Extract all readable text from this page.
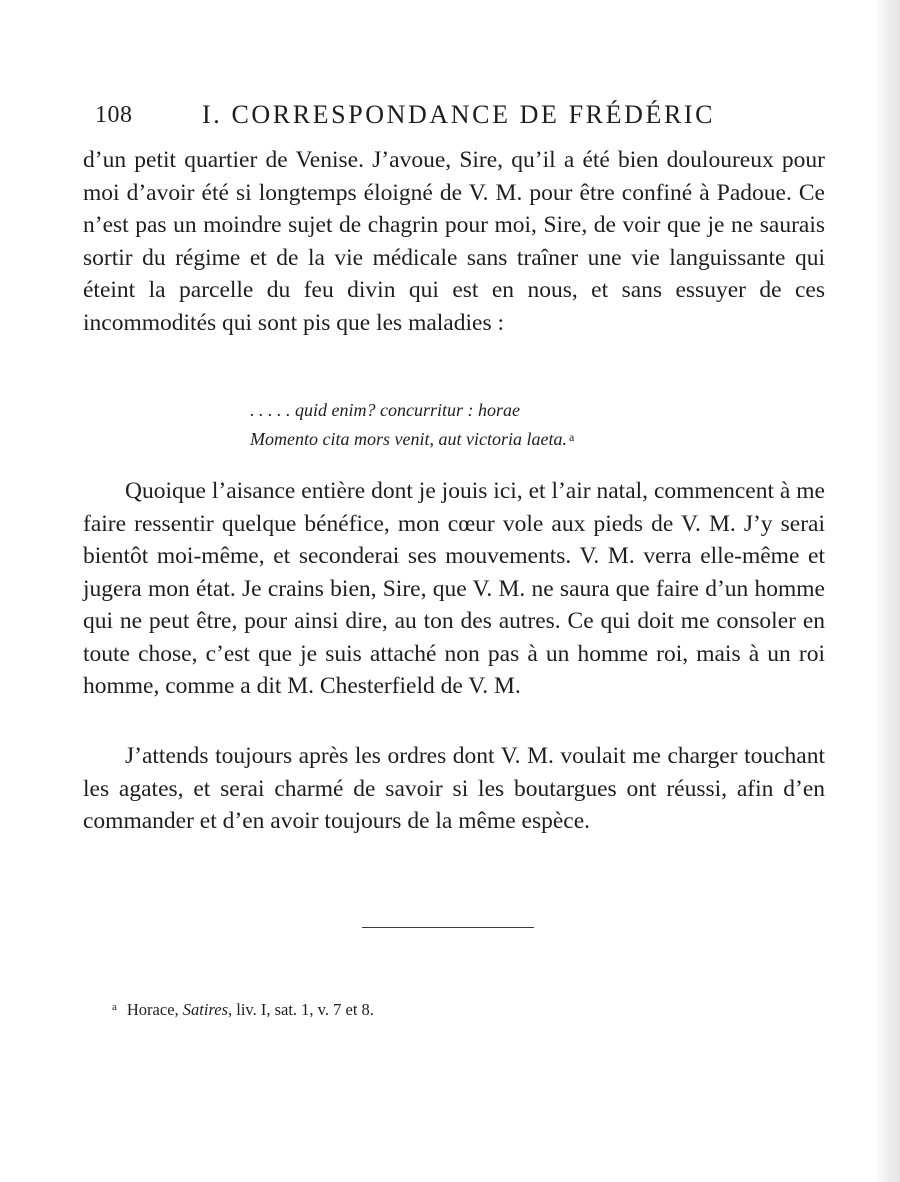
108	I. CORRESPONDANCE DE FRÉDÉRIC

d’un petit quartier de Venise. J’avoue, Sire, qu’il a été bien douloureux pour moi d’avoir été si longtemps éloigné de V. M. pour être confiné à Padoue. Ce n’est pas un moindre sujet de chagrin pour moi, Sire, de voir que je ne saurais sortir du régime et de la vie médicale sans traîner une vie languissante qui éteint la parcelle du feu divin qui est en nous, et sans essuyer de ces incommodités qui sont pis que les maladies :

. . . . . quid enim? concurritur : horae
Momento cita mors venit, aut victoria laeta. $^a$

Quoique l’aisance entière dont je jouis ici, et l’air natal, commencent à me faire ressentir quelque bénéfice, mon cœur vole aux pieds de V. M. J’y serai bientôt moi-même, et seconderai ses mouvements. V. M. verra elle-même et jugera mon état. Je crains bien, Sire, que V. M. ne saura que faire d’un homme qui ne peut être, pour ainsi dire, au ton des autres. Ce qui doit me consoler en toute chose, c’est que je suis attaché non pas à un homme roi, mais à un roi homme, comme a dit M. Chesterfield de V. M.

J’attends toujours après les ordres dont V. M. voulait me charger touchant les agates, et serai charmé de savoir si les boutargues ont réussi, afin d’en commander et d’en avoir toujours de la même espèce.

$^a$ Horace, Satires, liv. I, sat. 1, v. 7 et 8.
